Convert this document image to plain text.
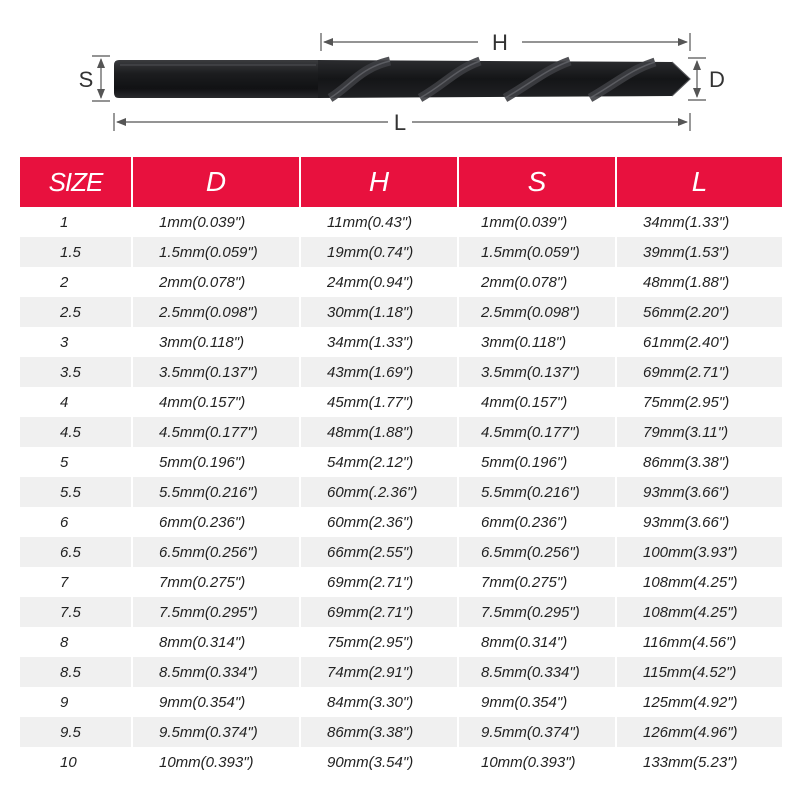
H
S	D
L
SIZE	D	H	S	L
1	1mm(0.039")	11mm(0.43")	1mm(0.039")	34mm(1.33")
1.5	1.5mm(0.059")	19mm(0.74")	1.5mm(0.059")	39mm(1.53")
2	2mm(0.078")	24mm(0.94")	2mm(0.078")	48mm(1.88")
2.5	2.5mm(0.098")	30mm(1.18")	2.5mm(0.098")	56mm(2.20")
3	3mm(0.118")	34mm(1.33")	3mm(0.118")	61mm(2.40")
3.5	3.5mm(0.137")	43mm(1.69")	3.5mm(0.137")	69mm(2.71")
4	4mm(0.157")	45mm(1.77")	4mm(0.157")	75mm(2.95")
4.5	4.5mm(0.177")	48mm(1.88")	4.5mm(0.177")	79mm(3.11")
5	5mm(0.196")	54mm(2.12")	5mm(0.196")	86mm(3.38")
5.5	5.5mm(0.216")	60mm(.2.36")	5.5mm(0.216")	93mm(3.66")
6	6mm(0.236")	60mm(2.36")	6mm(0.236")	93mm(3.66")
6.5	6.5mm(0.256")	66mm(2.55")	6.5mm(0.256")	100mm(3.93")
7	7mm(0.275")	69mm(2.71")	7mm(0.275")	108mm(4.25")
7.5	7.5mm(0.295")	69mm(2.71")	7.5mm(0.295")	108mm(4.25")
8	8mm(0.314")	75mm(2.95")	8mm(0.314")	116mm(4.56")
8.5	8.5mm(0.334")	74mm(2.91")	8.5mm(0.334")	115mm(4.52")
9	9mm(0.354")	84mm(3.30")	9mm(0.354")	125mm(4.92")
9.5	9.5mm(0.374")	86mm(3.38")	9.5mm(0.374")	126mm(4.96")
10	10mm(0.393")	90mm(3.54")	10mm(0.393")	133mm(5.23")
